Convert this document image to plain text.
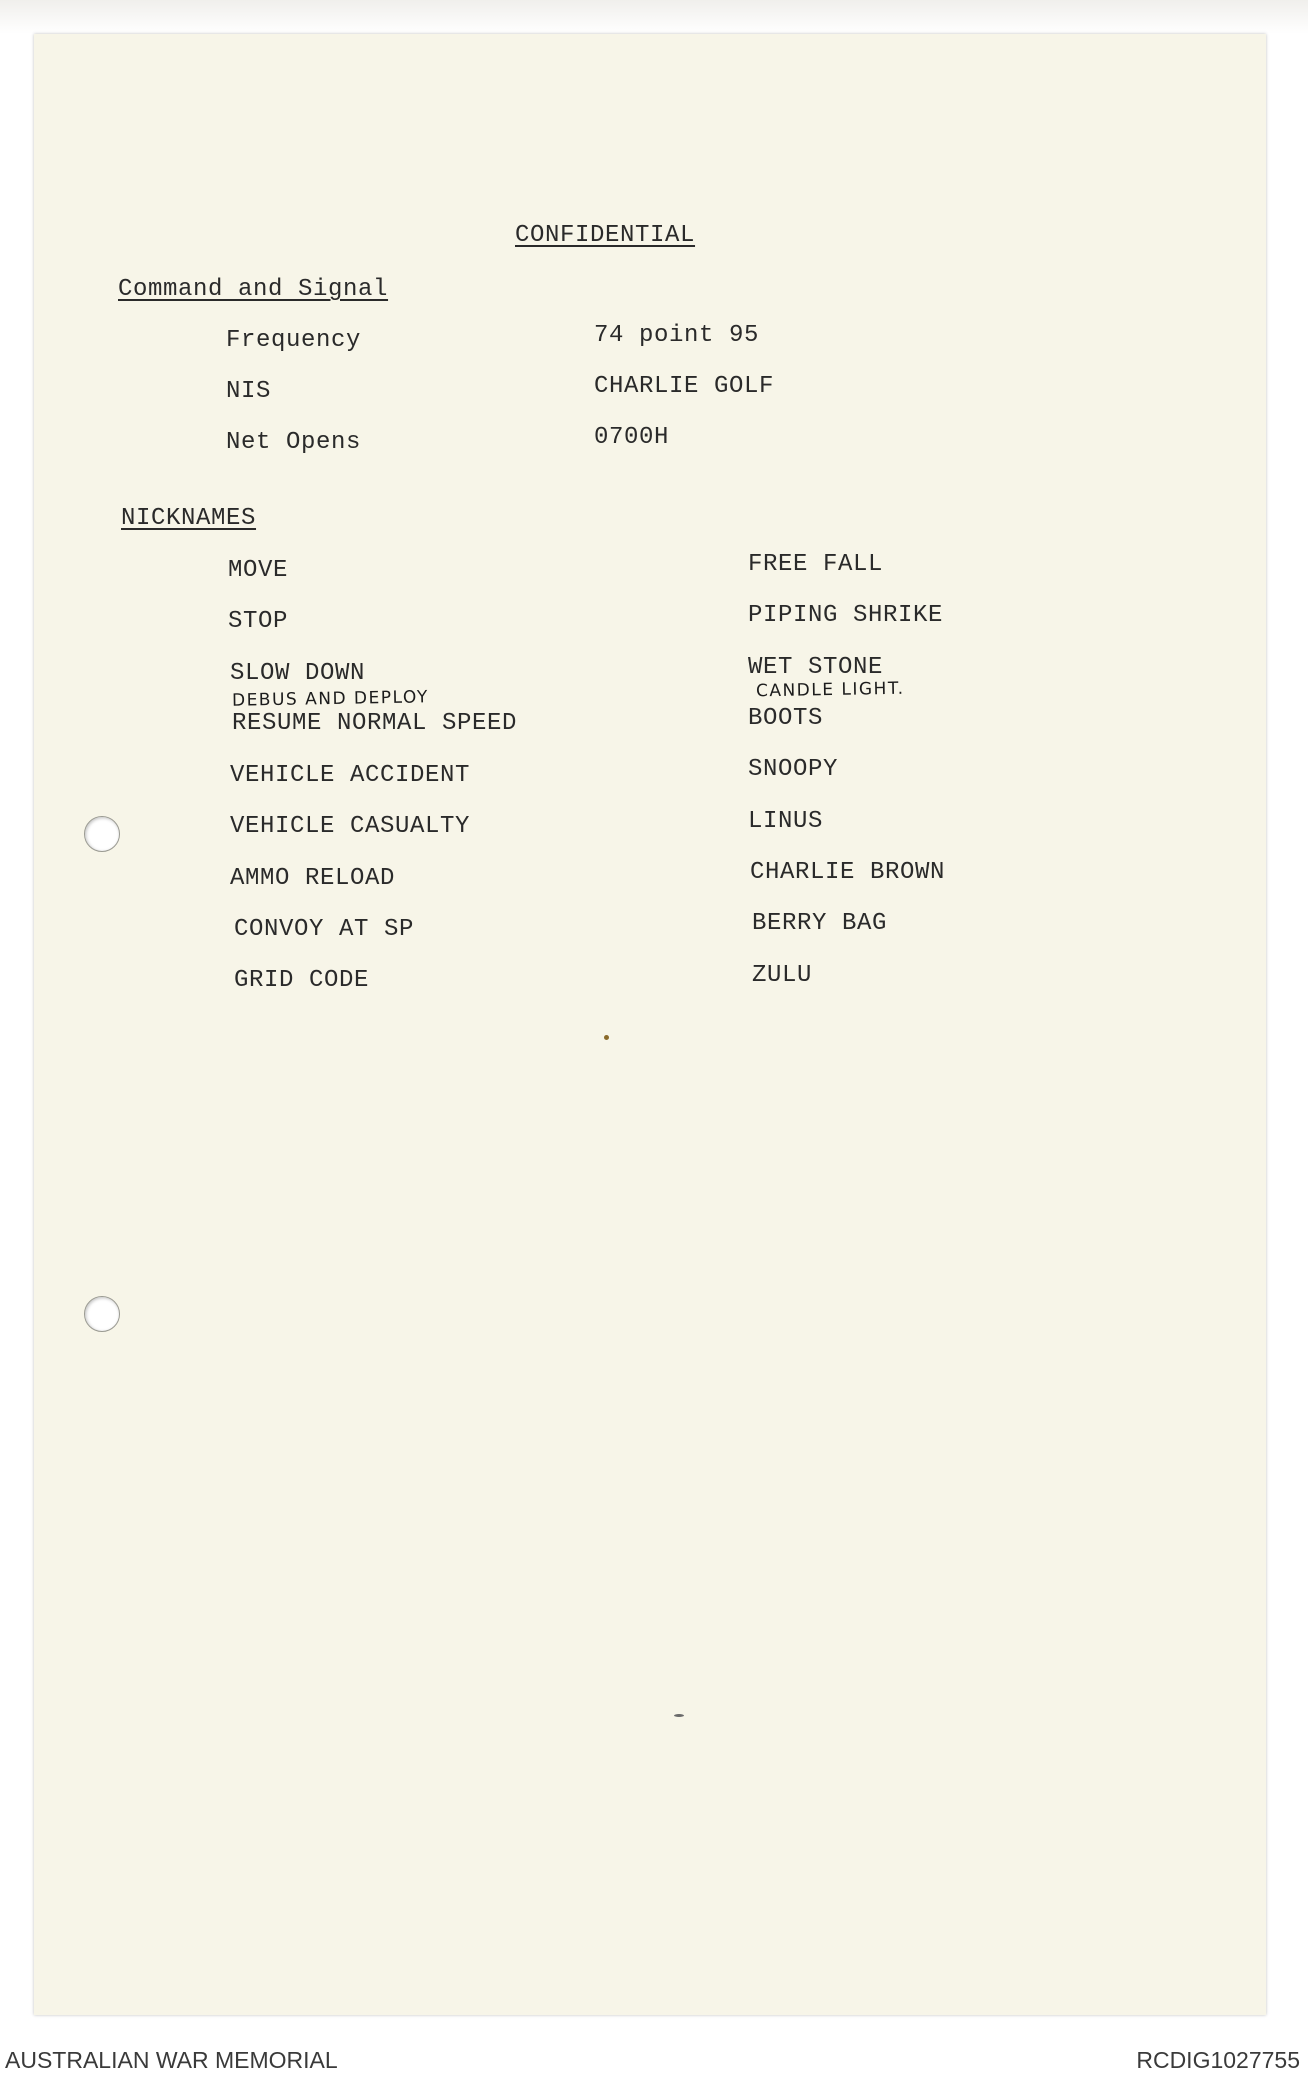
CONFIDENTIAL
Command and Signal
Frequency	74 point 95
NIS	CHARLIE GOLF
Net Opens	0700H
NICKNAMES
MOVE	FREE FALL
STOP	PIPING SHRIKE
SLOW DOWN	WET STONE
DEBUS AND DEPLOY	CANDLE LIGHT.
RESUME NORMAL SPEED	BOOTS
VEHICLE ACCIDENT	SNOOPY
VEHICLE CASUALTY	LINUS
AMMO RELOAD	CHARLIE BROWN
CONVOY AT SP	BERRY BAG
GRID CODE	ZULU
AUSTRALIAN WAR MEMORIAL	RCDIG1027755
